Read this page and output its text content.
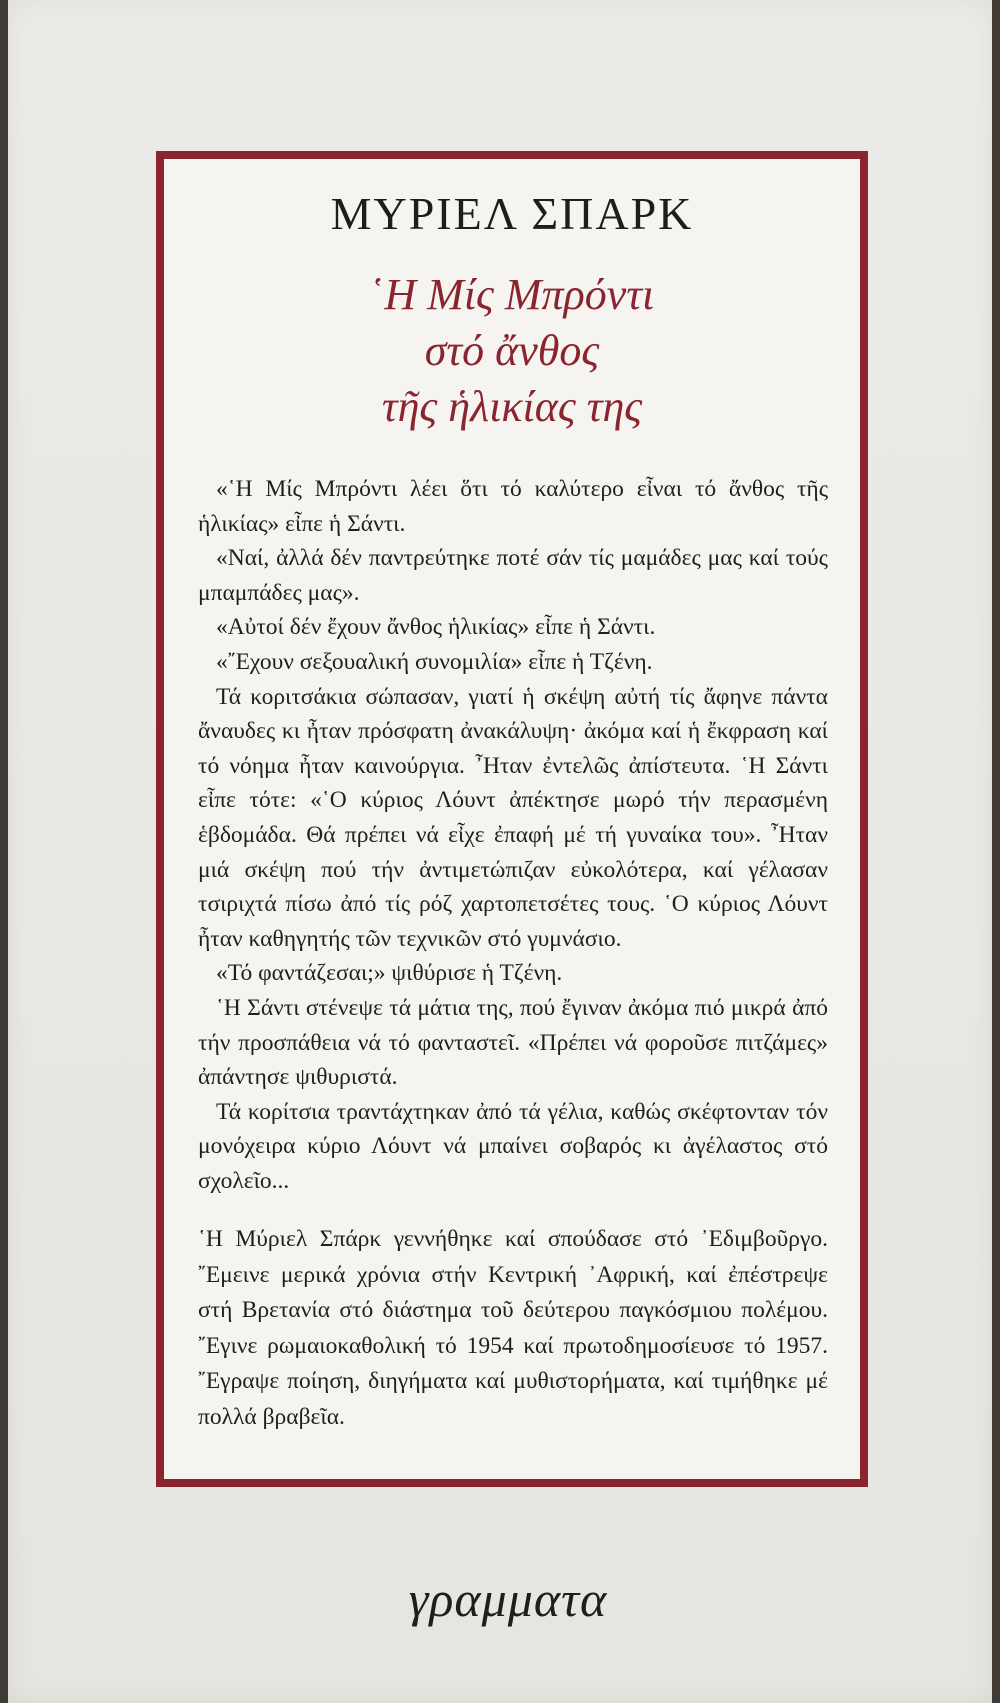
ΜΥΡΙΕΛ ΣΠΑΡΚ
῾Η Μίς Μπρόντι
στό ἄνθος
τῆς ἡλικίας της

«῾Η Μίς Μπρόντι λέει ὅτι τό καλύτερο εἶναι τό ἄνθος τῆς ἡλικίας» εἶπε ἡ Σάντι.

«Ναί, ἀλλά δέν παντρεύτηκε ποτέ σάν τίς μαμάδες μας καί τούς μπαμπάδες μας».

«Αὐτοί δέν ἔχουν ἄνθος ἡλικίας» εἶπε ἡ Σάντι.

«῎Εχουν σεξουαλική συνομιλία» εἶπε ἡ Τζένη.

Τά κοριτσάκια σώπασαν, γιατί ἡ σκέψη αὐτή τίς ἄφηνε πάντα ἄναυδες κι ἦταν πρόσφατη ἀνακάλυψη· ἀκόμα καί ἡ ἔκφραση καί τό νόημα ἦταν καινούργια. ῏Ηταν ἐντελῶς ἀπίστευτα. ῾Η Σάντι εἶπε τότε: «῾Ο κύριος Λόυντ ἀπέκτησε μωρό τήν περασμένη ἑβδομάδα. Θά πρέπει νά εἶχε ἐπαφή μέ τή γυναίκα του». ῏Ηταν μιά σκέψη πού τήν ἀντιμετώπιζαν εὐκολότερα, καί γέλασαν τσιριχτά πίσω ἀπό τίς ρόζ χαρτοπετσέτες τους. ῾Ο κύριος Λόυντ ἦταν καθηγητής τῶν τεχνικῶν στό γυμνάσιο.

«Τό φαντάζεσαι;» ψιθύρισε ἡ Τζένη.

῾Η Σάντι στένεψε τά μάτια της, πού ἔγιναν ἀκόμα πιό μικρά ἀπό τήν προσπάθεια νά τό φανταστεῖ. «Πρέπει νά φοροῦσε πιτζάμες» ἀπάντησε ψιθυριστά.

Τά κορίτσια τραντάχτηκαν ἀπό τά γέλια, καθώς σκέφτονταν τόν μονόχειρα κύριο Λόυντ νά μπαίνει σοβαρός κι ἀγέλαστος στό σχολεῖο...

῾Η Μύριελ Σπάρκ γεννήθηκε καί σπούδασε στό ᾿Εδιμβοῦργο. ῎Εμεινε μερικά χρόνια στήν Κεντρική ᾿Αφρική, καί ἐπέστρεψε στή Βρετανία στό διάστημα τοῦ δεύτερου παγκόσμιου πολέμου. ῎Εγινε ρωμαιοκαθολική τό 1954 καί πρωτοδημοσίευσε τό 1957. ῎Εγραψε ποίηση, διηγήματα καί μυθιστορήματα, καί τιμήθηκε μέ πολλά βραβεῖα.

γραμματα
